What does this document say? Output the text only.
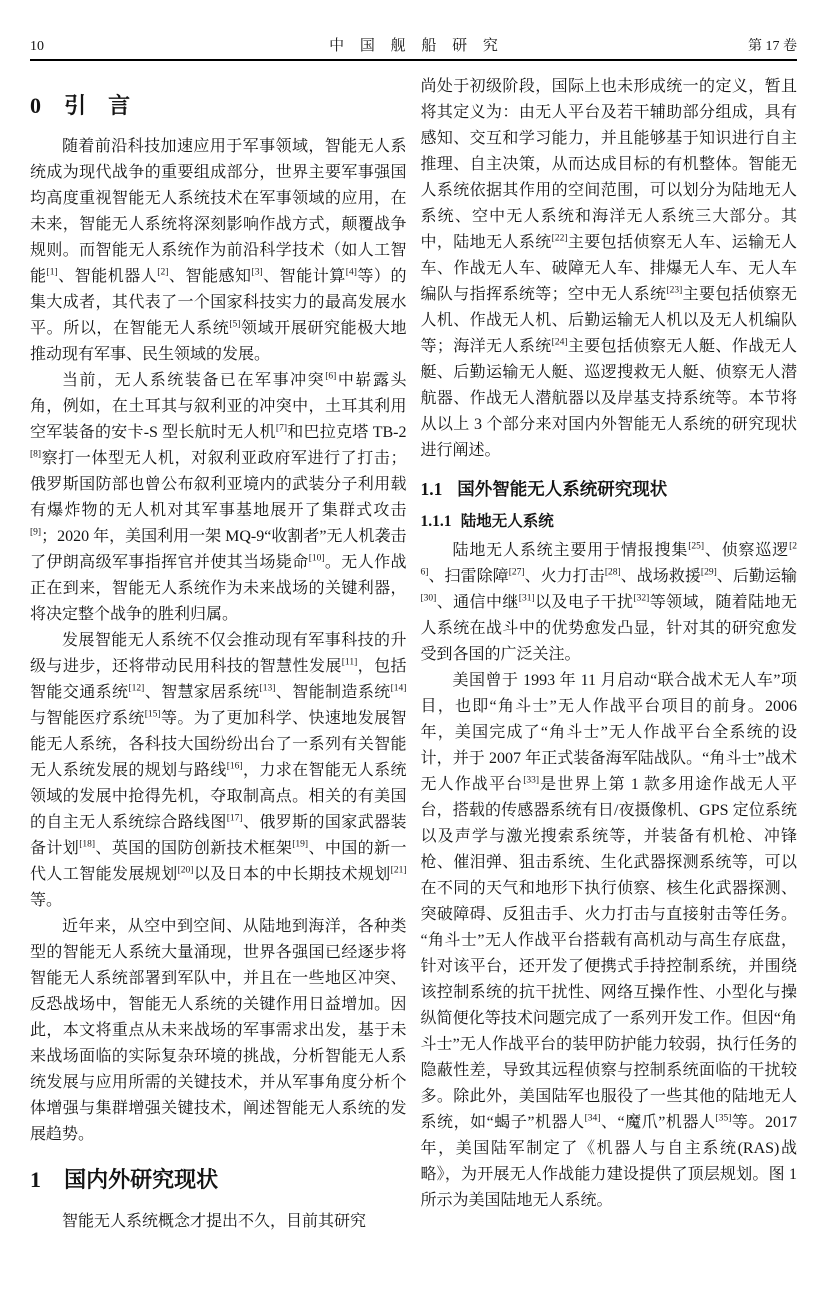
10	中国舰船研究	第 17 卷
0 引　言

随着前沿科技加速应用于军事领域，智能无人系统成为现代战争的重要组成部分，世界主要军事强国均高度重视智能无人系统技术在军事领域的应用，在未来，智能无人系统将深刻影响作战方式，颠覆战争规则。而智能无人系统作为前沿科学技术（如人工智能[1]、智能机器人[2]、智能感知[3]、智能计算[4]等）的集大成者，其代表了一个国家科技实力的最高发展水平。所以，在智能无人系统[5]领域开展研究能极大地推动现有军事、民生领域的发展。

当前，无人系统装备已在军事冲突[6]中崭露头角，例如，在土耳其与叙利亚的冲突中，土耳其利用空军装备的安卡-S 型长航时无人机[7]和巴拉克塔 TB-2[8]察打一体型无人机，对叙利亚政府军进行了打击；俄罗斯国防部也曾公布叙利亚境内的武装分子利用载有爆炸物的无人机对其军事基地展开了集群式攻击[9]；2020 年，美国利用一架 MQ-9“收割者”无人机袭击了伊朗高级军事指挥官并使其当场毙命[10]。无人作战正在到来，智能无人系统作为未来战场的关键利器，将决定整个战争的胜利归属。

发展智能无人系统不仅会推动现有军事科技的升级与进步，还将带动民用科技的智慧性发展[11]，包括智能交通系统[12]、智慧家居系统[13]、智能制造系统[14]与智能医疗系统[15]等。为了更加科学、快速地发展智能无人系统，各科技大国纷纷出台了一系列有关智能无人系统发展的规划与路线[16]，力求在智能无人系统领域的发展中抢得先机，夺取制高点。相关的有美国的自主无人系统综合路线图[17]、俄罗斯的国家武器装备计划[18]、英国的国防创新技术框架[19]、中国的新一代人工智能发展规划[20]以及日本的中长期技术规划[21]等。

近年来，从空中到空间、从陆地到海洋，各种类型的智能无人系统大量涌现，世界各强国已经逐步将智能无人系统部署到军队中，并且在一些地区冲突、反恐战场中，智能无人系统的关键作用日益增加。因此，本文将重点从未来战场的军事需求出发，基于未来战场面临的实际复杂环境的挑战，分析智能无人系统发展与应用所需的关键技术，并从军事角度分析个体增强与集群增强关键技术，阐述智能无人系统的发展趋势。

1 国内外研究现状

智能无人系统概念才提出不久，目前其研究

尚处于初级阶段，国际上也未形成统一的定义，暂且将其定义为：由无人平台及若干辅助部分组成，具有感知、交互和学习能力，并且能够基于知识进行自主推理、自主决策，从而达成目标的有机整体。智能无人系统依据其作用的空间范围，可以划分为陆地无人系统、空中无人系统和海洋无人系统三大部分。其中，陆地无人系统[22]主要包括侦察无人车、运输无人车、作战无人车、破障无人车、排爆无人车、无人车编队与指挥系统等；空中无人系统[23]主要包括侦察无人机、作战无人机、后勤运输无人机以及无人机编队等；海洋无人系统[24]主要包括侦察无人艇、作战无人艇、后勤运输无人艇、巡逻搜救无人艇、侦察无人潜航器、作战无人潜航器以及岸基支持系统等。本节将从以上 3 个部分来对国内外智能无人系统的研究现状进行阐述。

1.1 国外智能无人系统研究现状
1.1.1 陆地无人系统

陆地无人系统主要用于情报搜集[25]、侦察巡逻[26]、扫雷除障[27]、火力打击[28]、战场救援[29]、后勤运输[30]、通信中继[31]以及电子干扰[32]等领域，随着陆地无人系统在战斗中的优势愈发凸显，针对其的研究愈发受到各国的广泛关注。

美国曾于 1993 年 11 月启动“联合战术无人车”项目，也即“角斗士”无人作战平台项目的前身。2006 年，美国完成了“角斗士”无人作战平台全系统的设计，并于 2007 年正式装备海军陆战队。“角斗士”战术无人作战平台[33]是世界上第 1 款多用途作战无人平台，搭载的传感器系统有日/夜摄像机、GPS 定位系统以及声学与激光搜索系统等，并装备有机枪、冲锋枪、催泪弹、狙击系统、生化武器探测系统等，可以在不同的天气和地形下执行侦察、核生化武器探测、突破障碍、反狙击手、火力打击与直接射击等任务。“角斗士”无人作战平台搭载有高机动与高生存底盘，针对该平台，还开发了便携式手持控制系统，并围绕该控制系统的抗干扰性、网络互操作性、小型化与操纵简便化等技术问题完成了一系列开发工作。但因“角斗士”无人作战平台的装甲防护能力较弱，执行任务的隐蔽性差，导致其远程侦察与控制系统面临的干扰较多。除此外，美国陆军也服役了一些其他的陆地无人系统，如“蝎子”机器人[34]、“魔爪”机器人[35]等。2017 年，美国陆军制定了《机器人与自主系统(RAS)战略》，为开展无人作战能力建设提供了顶层规划。图 1 所示为美国陆地无人系统。
